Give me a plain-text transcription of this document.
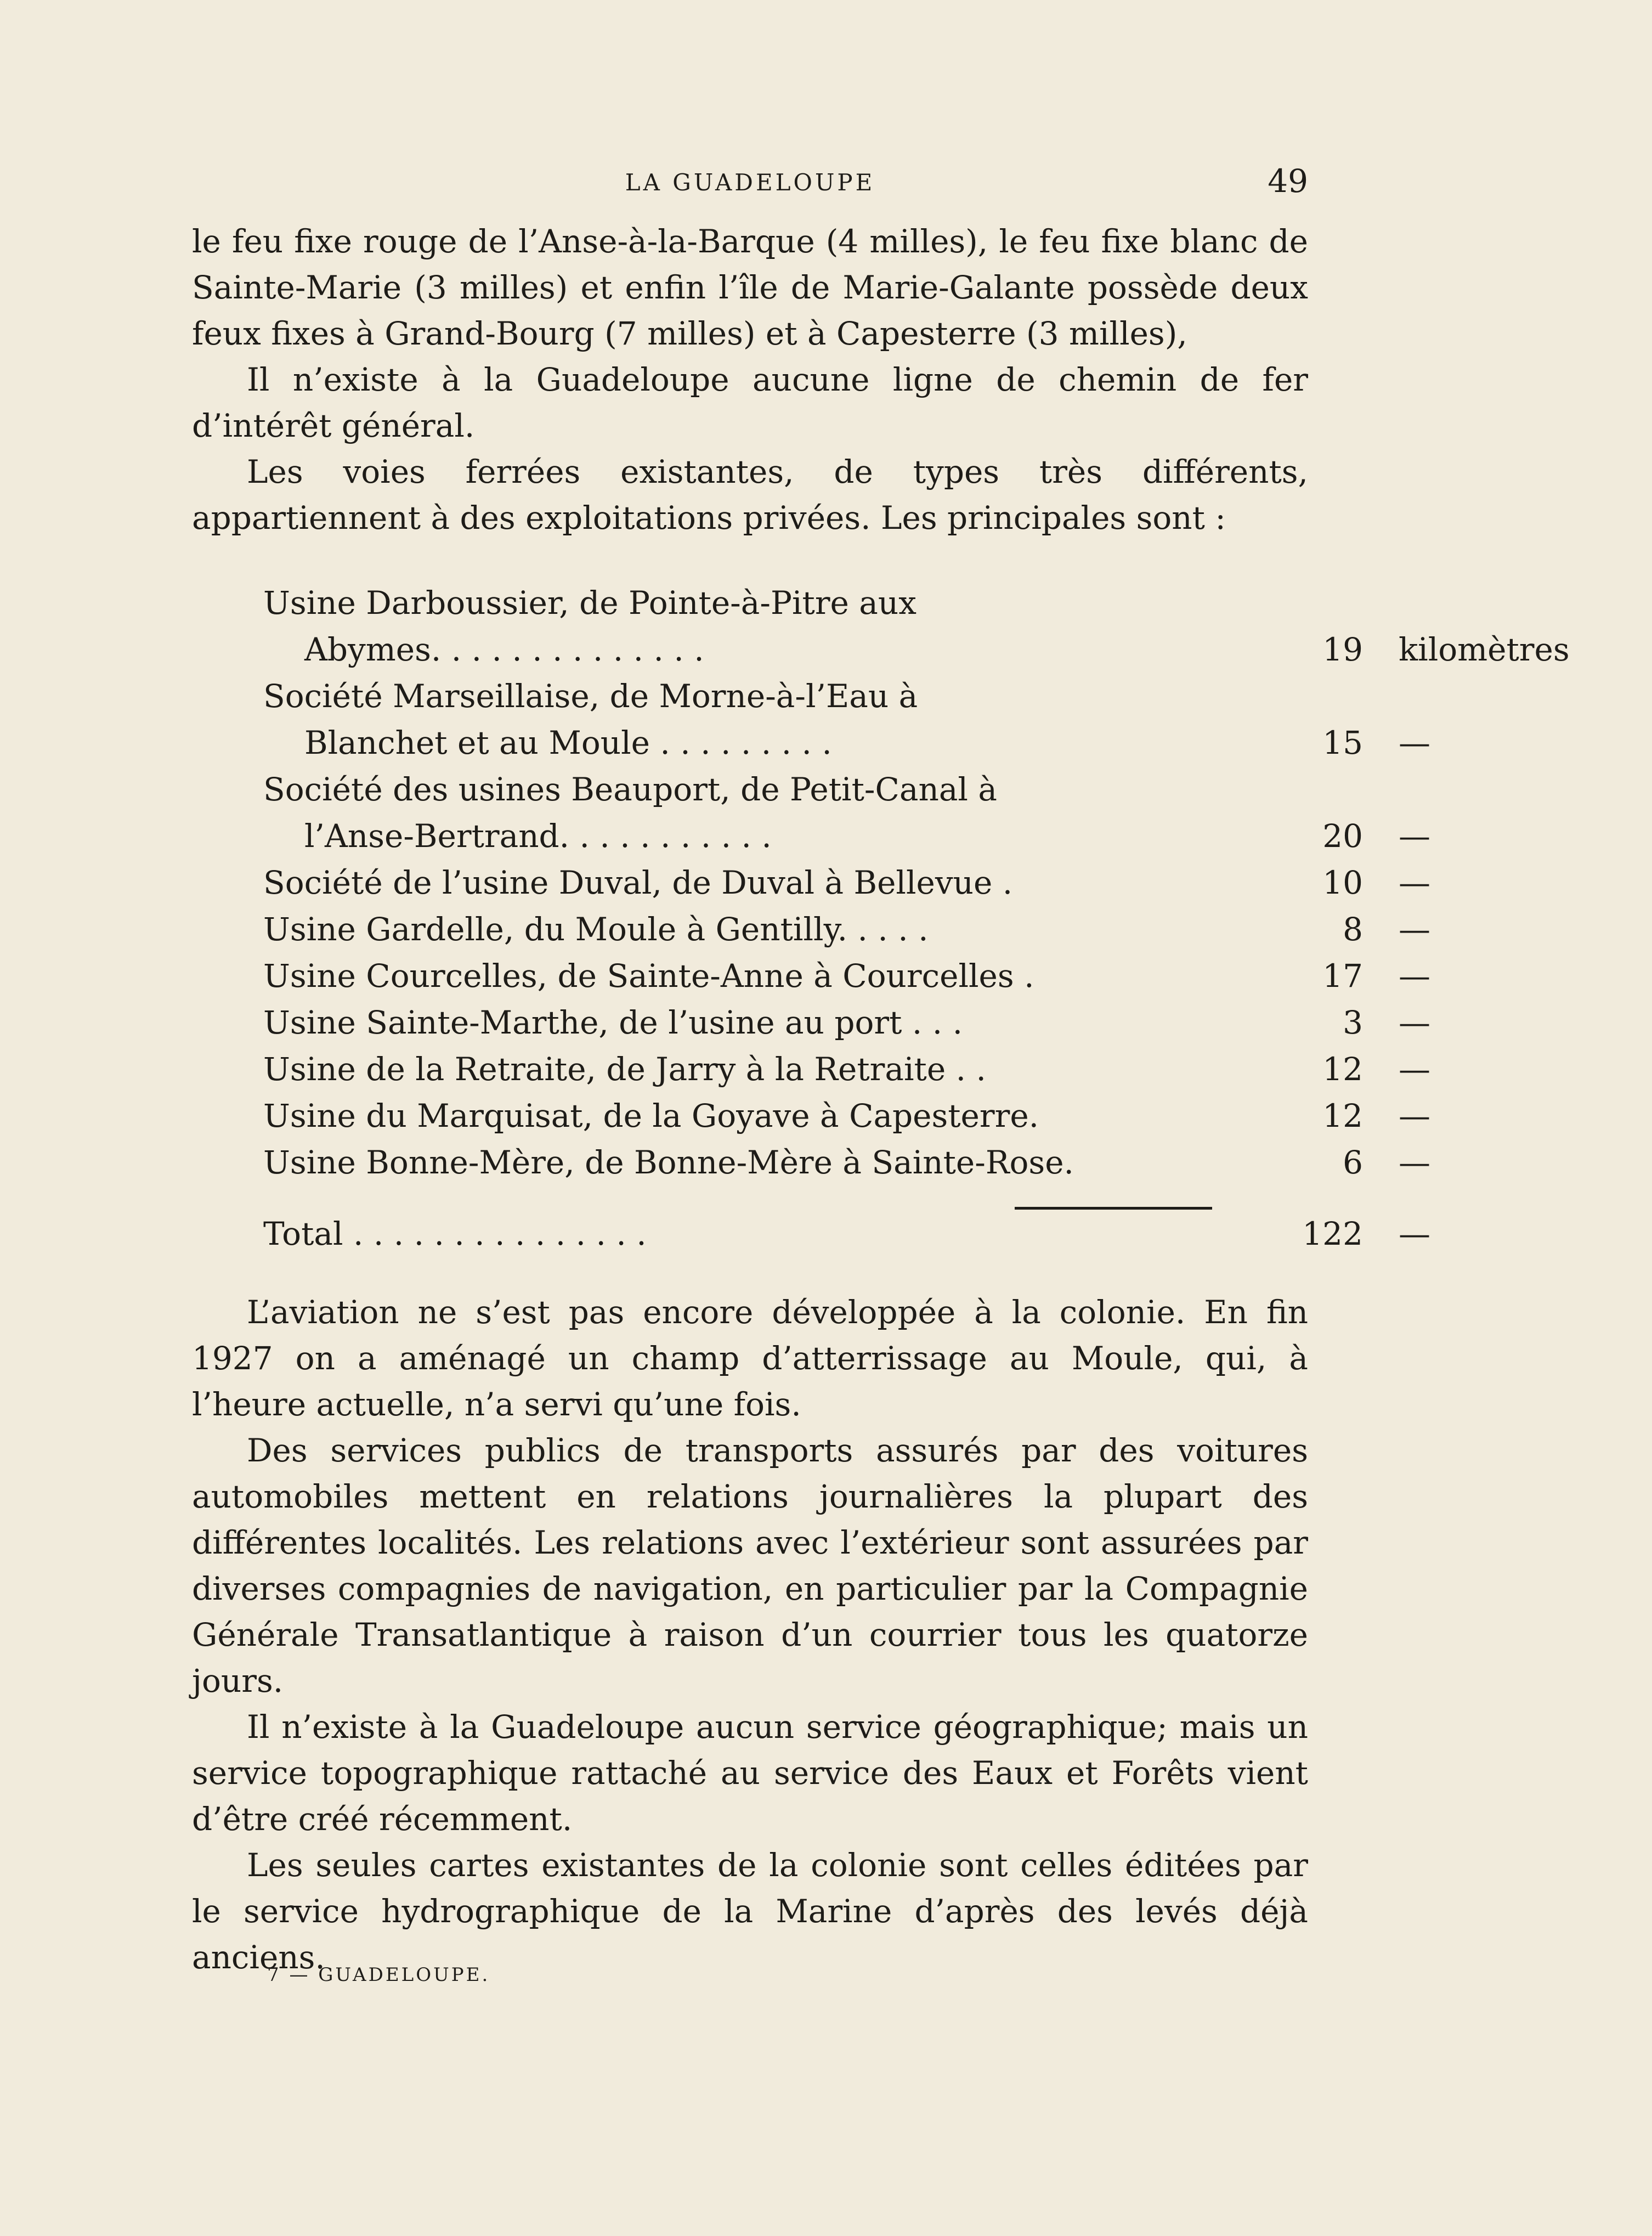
LA GUADELOUPE	49

le feu fixe rouge de l’Anse-à-la-Barque (4 milles), le feu fixe blanc de Sainte-Marie (3 milles) et enfin l’île de Marie-Galante possède deux feux fixes à Grand-Bourg (7 milles) et à Capesterre (3 milles),

Il n’existe à la Guadeloupe aucune ligne de chemin de fer d’intérêt général.

Les voies ferrées existantes, de types très différents, appartiennent à des exploitations privées. Les principales sont :

Usine Darboussier, de Pointe-à-Pitre aux
Abymes. . . . . . . . . . . . . .	19 kilomètres
Société Marseillaise, de Morne-à-l’Eau à
Blanchet et au Moule . . . . . . . . .	15 —
Société des usines Beauport, de Petit-Canal à
l’Anse-Bertrand. . . . . . . . . . .	20 —
Société de l’usine Duval, de Duval à Bellevue .	10 —
Usine Gardelle, du Moule à Gentilly. . . . .	8 —
Usine Courcelles, de Sainte-Anne à Courcelles .	17 —
Usine Sainte-Marthe, de l’usine au port . . .	3 —
Usine de la Retraite, de Jarry à la Retraite . .	12 —
Usine du Marquisat, de la Goyave à Capesterre.	12 —
Usine Bonne-Mère, de Bonne-Mère à Sainte-Rose.	6 —
Total . . . . . . . . . . . . . . .	122 —

L’aviation ne s’est pas encore développée à la colonie. En fin 1927 on a aménagé un champ d’atterrissage au Moule, qui, à l’heure actuelle, n’a servi qu’une fois.

Des services publics de transports assurés par des voitures automobiles mettent en relations journalières la plupart des différentes localités. Les relations avec l’extérieur sont assurées par diverses compagnies de navigation, en particulier par la Compagnie Générale Transatlantique à raison d’un courrier tous les quatorze jours.

Il n’existe à la Guadeloupe aucun service géographique; mais un service topographique rattaché au service des Eaux et Forêts vient d’être créé récemment.

Les seules cartes existantes de la colonie sont celles éditées par le service hydrographique de la Marine d’après des levés déjà anciens.

7 — GUADELOUPE.
